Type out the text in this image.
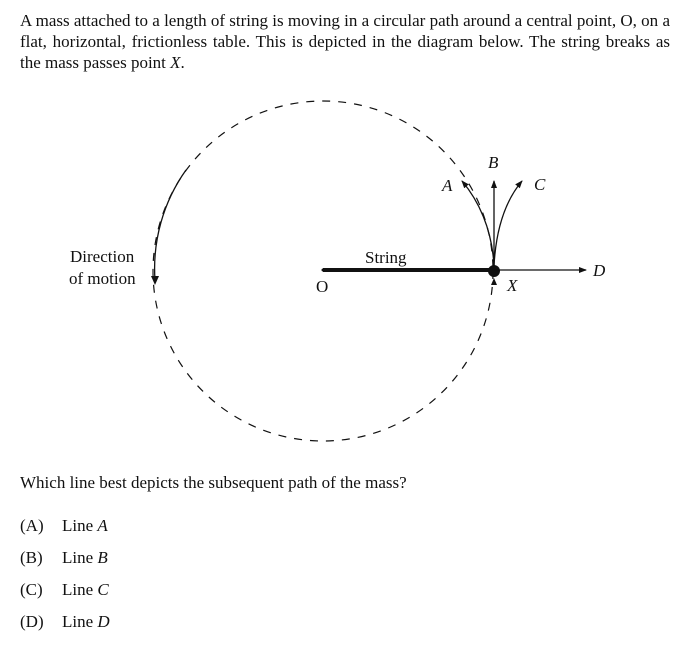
A mass attached to a length of string is moving in a circular path around a central point, O, on a flat, horizontal, frictionless table. This is depicted in the diagram below. The string breaks as the mass passes point X.

Direction
of motion
String
O	X
A
B
C
D

Which line best depicts the subsequent path of the mass?

(A) Line A
(B) Line B
(C) Line C
(D) Line D
